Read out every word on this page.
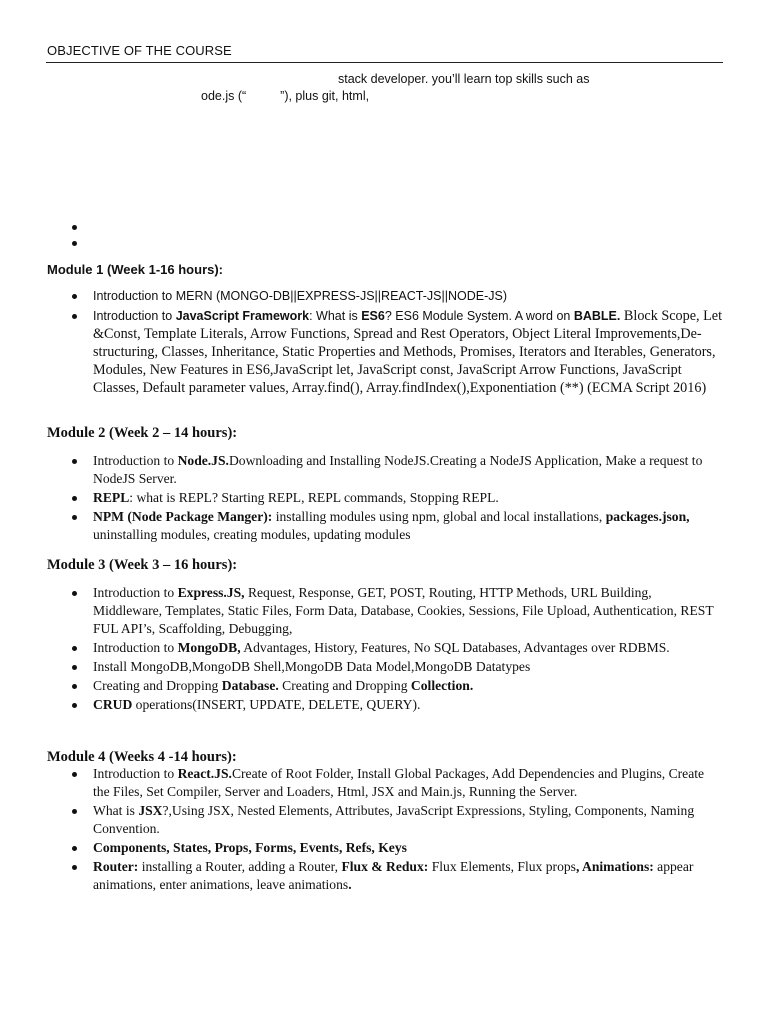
OBJECTIVE OF THE COURSE
stack developer. you’ll learn top skills such as
ode.js (“	”), plus git, html,
Module 1 (Week 1-16 hours):
Introduction to MERN (MONGO-DB||EXPRESS-JS||REACT-JS||NODE-JS)
Introduction to JavaScript Framework: What is ES6? ES6 Module System. A word on BABLE. Block Scope, Let &Const, Template Literals, Arrow Functions, Spread and Rest Operators, Object Literal Improvements,De-structuring, Classes, Inheritance, Static Properties and Methods, Promises, Iterators and Iterables, Generators, Modules, New Features in ES6,JavaScript let, JavaScript const, JavaScript Arrow Functions, JavaScript Classes, Default parameter values, Array.find(), Array.findIndex(),Exponentiation (**) (ECMA Script 2016)
Module 2 (Week 2 – 14 hours):
Introduction to Node.JS.Downloading and Installing NodeJS.Creating a NodeJS Application, Make a request to NodeJS Server.
REPL: what is REPL? Starting REPL, REPL commands, Stopping REPL.
NPM (Node Package Manger): installing modules using npm, global and local installations, packages.json, uninstalling modules, creating modules, updating modules
Module 3 (Week 3 – 16 hours):
Introduction to Express.JS, Request, Response, GET, POST, Routing, HTTP Methods, URL Building, Middleware, Templates, Static Files, Form Data, Database, Cookies, Sessions, File Upload, Authentication, REST FUL API’s, Scaffolding, Debugging,
Introduction to MongoDB, Advantages, History, Features, No SQL Databases, Advantages over RDBMS.
Install MongoDB,MongoDB Shell,MongoDB Data Model,MongoDB Datatypes
Creating and Dropping Database. Creating and Dropping Collection.
CRUD operations(INSERT, UPDATE, DELETE, QUERY).
Module 4 (Weeks 4 -14 hours):
Introduction to React.JS.Create of Root Folder, Install Global Packages, Add Dependencies and Plugins, Create the Files, Set Compiler, Server and Loaders, Html, JSX and Main.js, Running the Server.
What is JSX?,Using JSX, Nested Elements, Attributes, JavaScript Expressions, Styling, Components, Naming Convention.
Components, States, Props, Forms, Events, Refs, Keys
Router: installing a Router, adding a Router, Flux & Redux: Flux Elements, Flux props, Animations: appear animations, enter animations, leave animations.
